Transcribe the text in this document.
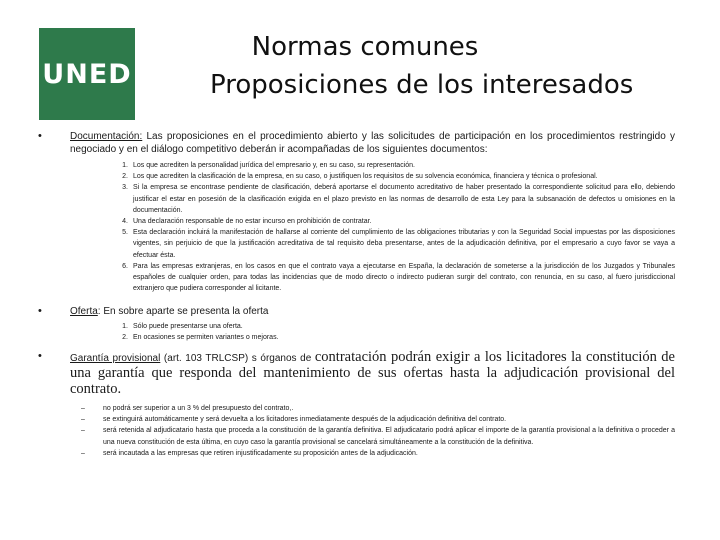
UNED
Normas comunes
Proposiciones de los interesados
•	Documentación: Las proposiciones en el procedimiento abierto y las solicitudes de participación en los procedimientos restringido y negociado y en el diálogo competitivo deberán ir acompañadas de los siguientes documentos:
1. Los que acrediten la personalidad jurídica del empresario y, en su caso, su representación.
2. Los que acrediten la clasificación de la empresa, en su caso, o justifiquen los requisitos de su solvencia económica, financiera y técnica o profesional.
3. Si la empresa se encontrase pendiente de clasificación, deberá aportarse el documento acreditativo de haber presentado la correspondiente solicitud para ello, debiendo justificar el estar en posesión de la clasificación exigida en el plazo previsto en las normas de desarrollo de esta Ley para la subsanación de defectos u omisiones en la documentación.
4. Una declaración responsable de no estar incurso en prohibición de contratar.
5. Esta declaración incluirá la manifestación de hallarse al corriente del cumplimiento de las obligaciones tributarias y con la Seguridad Social impuestas por las disposiciones vigentes, sin perjuicio de que la justificación acreditativa de tal requisito deba presentarse, antes de la adjudicación definitiva, por el empresario a cuyo favor se vaya a efectuar ésta.
6. Para las empresas extranjeras, en los casos en que el contrato vaya a ejecutarse en España, la declaración de someterse a la jurisdicción de los Juzgados y Tribunales españoles de cualquier orden, para todas las incidencias que de modo directo o indirecto pudieran surgir del contrato, con renuncia, en su caso, al fuero jurisdiccional extranjero que pudiera corresponder al licitante.
•	Oferta: En sobre aparte se presenta la oferta
1. Sólo puede presentarse una oferta.
2. En ocasiones se permiten variantes o mejoras.
•	Garantía provisional (art. 103 TRLCSP) s órganos de contratación podrán exigir a los licitadores la constitución de una garantía que responda del mantenimiento de sus ofertas hasta la adjudicación provisional del contrato.
–	no podrá ser superior a un 3 % del presupuesto del contrato,.
–	se extinguirá automáticamente y será devuelta a los licitadores inmediatamente después de la adjudicación definitiva del contrato.
–	será retenida al adjudicatario hasta que proceda a la constitución de la garantía definitiva. El adjudicatario podrá aplicar el importe de la garantía provisional a la definitiva o proceder a una nueva constitución de esta última, en cuyo caso la garantía provisional se cancelará simultáneamente a la constitución de la definitiva.
–	será incautada a las empresas que retiren injustificadamente su proposición antes de la adjudicación.
